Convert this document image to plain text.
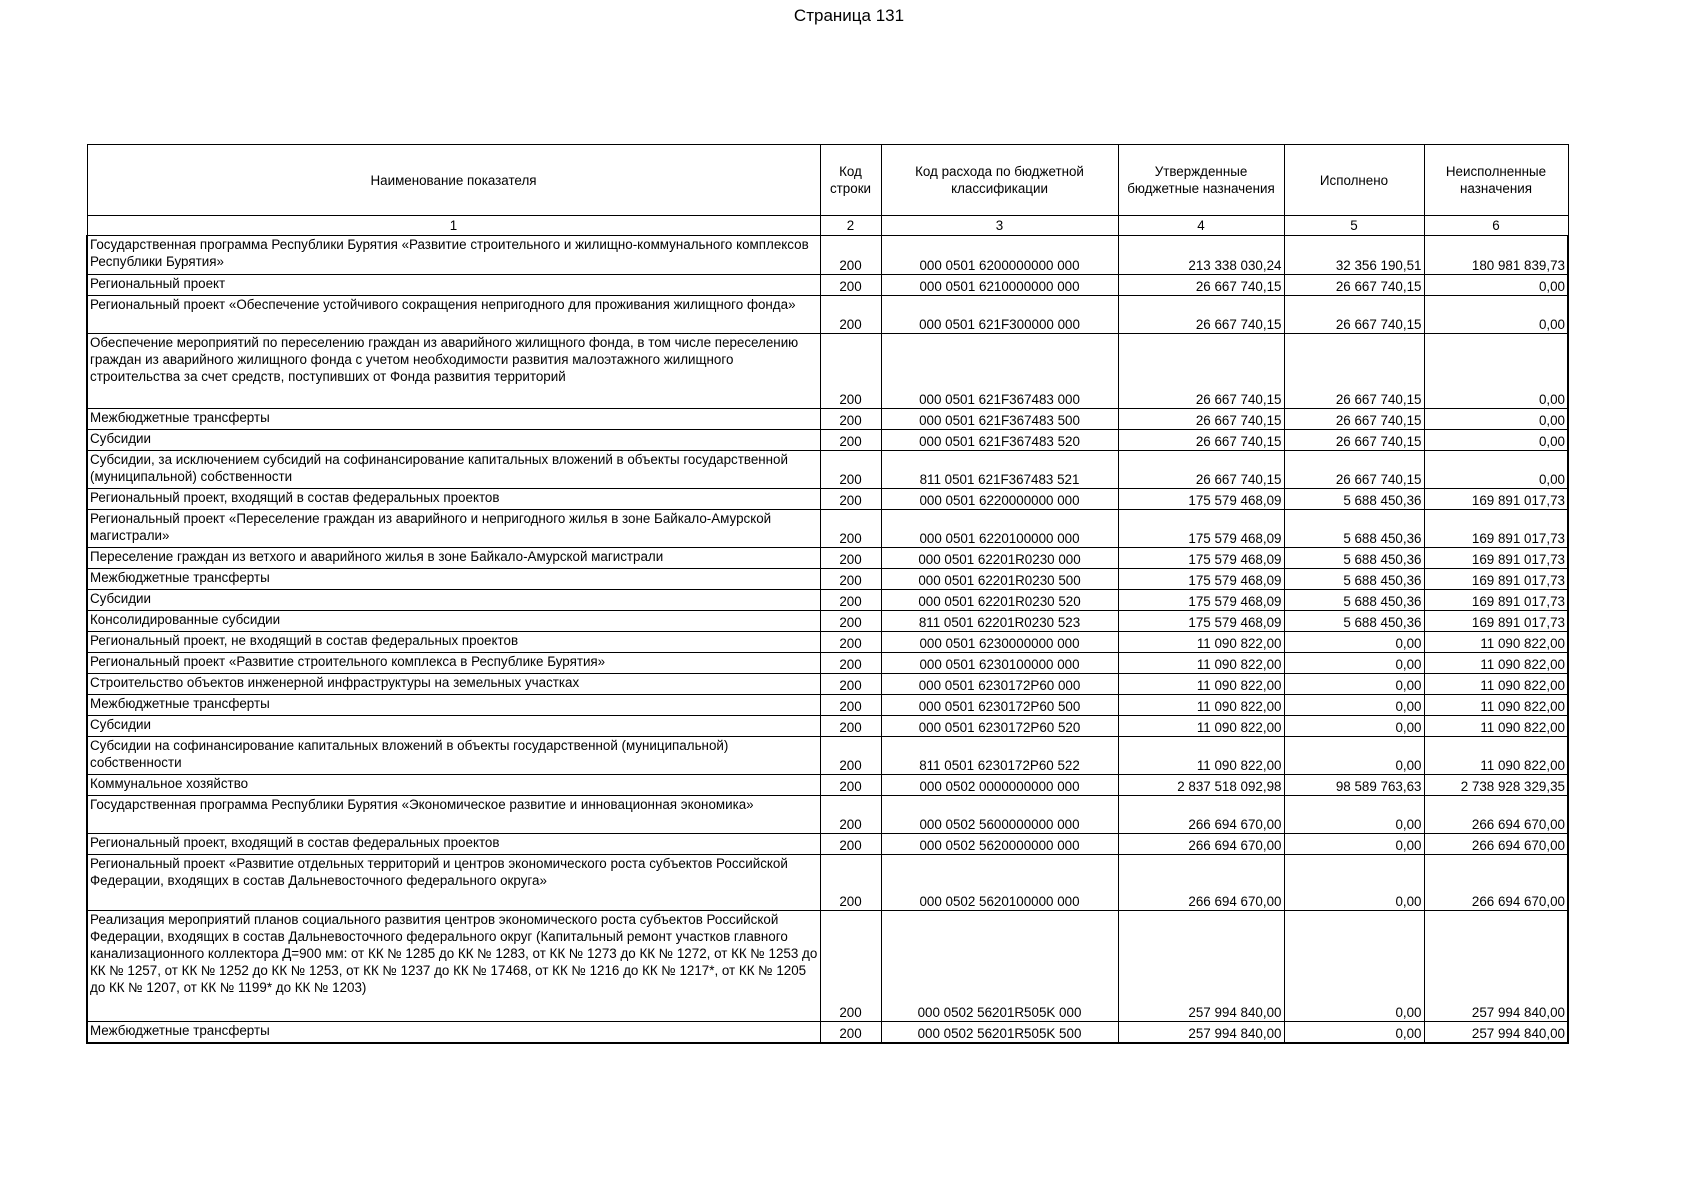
Страница 131
Наименование показателя	Код строки	Код расхода по бюджетной классификации	Утвержденные бюджетные назначения	Исполнено	Неисполненные назначения
1	2	3	4	5	6
Государственная программа Республики Бурятия «Развитие строительного и жилищно-коммунального комплексов Республики Бурятия»	200	000 0501 6200000000 000	213 338 030,24	32 356 190,51	180 981 839,73
Региональный проект	200	000 0501 6210000000 000	26 667 740,15	26 667 740,15	0,00
Региональный проект «Обеспечение устойчивого сокращения непригодного для проживания жилищного фонда»	200	000 0501 621F300000 000	26 667 740,15	26 667 740,15	0,00
Обеспечение мероприятий по переселению граждан из аварийного жилищного фонда, в том числе переселению граждан из аварийного жилищного фонда с учетом необходимости развития малоэтажного жилищного строительства за счет средств, поступивших от Фонда развития территорий	200	000 0501 621F367483 000	26 667 740,15	26 667 740,15	0,00
Межбюджетные трансферты	200	000 0501 621F367483 500	26 667 740,15	26 667 740,15	0,00
Субсидии	200	000 0501 621F367483 520	26 667 740,15	26 667 740,15	0,00
Субсидии, за исключением субсидий на софинансирование капитальных вложений в объекты государственной (муниципальной) собственности	200	811 0501 621F367483 521	26 667 740,15	26 667 740,15	0,00
Региональный проект, входящий в состав федеральных проектов	200	000 0501 6220000000 000	175 579 468,09	5 688 450,36	169 891 017,73
Региональный проект «Переселение граждан из аварийного и непригодного жилья в зоне Байкало-Амурской магистрали»	200	000 0501 6220100000 000	175 579 468,09	5 688 450,36	169 891 017,73
Переселение граждан из ветхого и аварийного жилья в зоне Байкало-Амурской магистрали	200	000 0501 62201R0230 000	175 579 468,09	5 688 450,36	169 891 017,73
Межбюджетные трансферты	200	000 0501 62201R0230 500	175 579 468,09	5 688 450,36	169 891 017,73
Субсидии	200	000 0501 62201R0230 520	175 579 468,09	5 688 450,36	169 891 017,73
Консолидированные субсидии	200	811 0501 62201R0230 523	175 579 468,09	5 688 450,36	169 891 017,73
Региональный проект, не входящий в состав федеральных проектов	200	000 0501 6230000000 000	11 090 822,00	0,00	11 090 822,00
Региональный проект «Развитие строительного комплекса в Республике Бурятия»	200	000 0501 6230100000 000	11 090 822,00	0,00	11 090 822,00
Строительство объектов инженерной инфраструктуры на земельных участках	200	000 0501 6230172P60 000	11 090 822,00	0,00	11 090 822,00
Межбюджетные трансферты	200	000 0501 6230172P60 500	11 090 822,00	0,00	11 090 822,00
Субсидии	200	000 0501 6230172P60 520	11 090 822,00	0,00	11 090 822,00
Субсидии на софинансирование капитальных вложений в объекты государственной (муниципальной) собственности	200	811 0501 6230172P60 522	11 090 822,00	0,00	11 090 822,00
Коммунальное хозяйство	200	000 0502 0000000000 000	2 837 518 092,98	98 589 763,63	2 738 928 329,35
Государственная программа Республики Бурятия «Экономическое развитие и инновационная экономика»	200	000 0502 5600000000 000	266 694 670,00	0,00	266 694 670,00
Региональный проект, входящий в состав федеральных проектов	200	000 0502 5620000000 000	266 694 670,00	0,00	266 694 670,00
Региональный проект «Развитие отдельных территорий и центров экономического роста субъектов Российской Федерации, входящих в состав Дальневосточного федерального округа»	200	000 0502 5620100000 000	266 694 670,00	0,00	266 694 670,00
Реализация мероприятий планов социального развития центров экономического роста субъектов Российской Федерации, входящих в состав Дальневосточного федерального округ (Капитальный ремонт участков главного канализационного коллектора Д=900 мм: от КК № 1285 до КК № 1283, от КК № 1273 до КК № 1272, от КК № 1253 до КК № 1257, от КК № 1252 до КК № 1253, от КК № 1237 до КК № 17468, от КК № 1216 до КК № 1217*, от КК № 1205 до КК № 1207, от КК № 1199* до КК № 1203)	200	000 0502 56201R505K 000	257 994 840,00	0,00	257 994 840,00
Межбюджетные трансферты	200	000 0502 56201R505K 500	257 994 840,00	0,00	257 994 840,00
